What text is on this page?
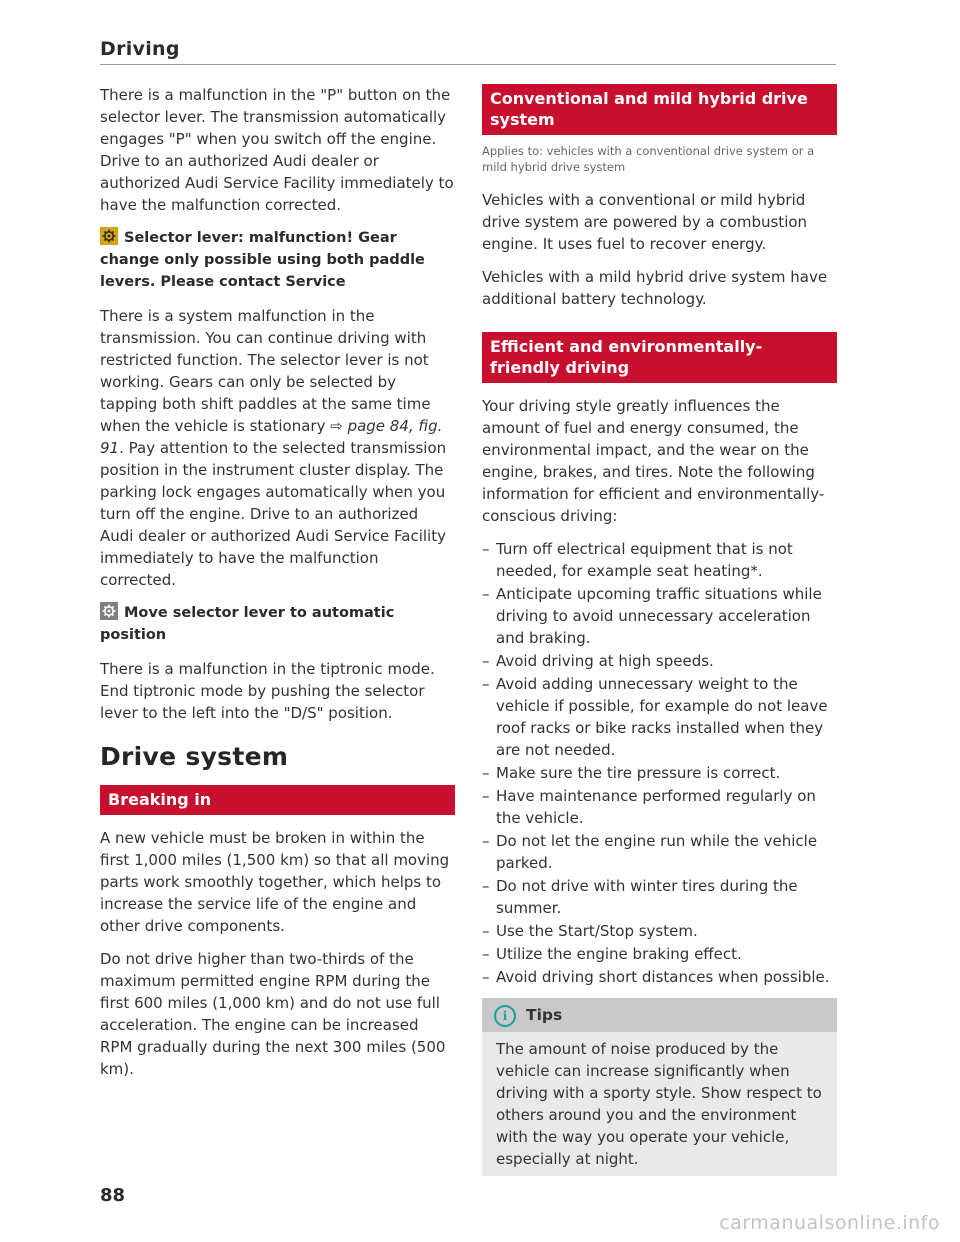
Driving

There is a malfunction in the "P" button on the selector lever. The transmission automatically engages "P" when you switch off the engine. Drive to an authorized Audi dealer or authorized Audi Service Facility immediately to have the malfunction corrected.

Selector lever: malfunction! Gear change only possible using both paddle levers. Please contact Service

There is a system malfunction in the transmission. You can continue driving with restricted function. The selector lever is not working. Gears can only be selected by tapping both shift paddles at the same time when the vehicle is stationary ⇨ page 84, fig. 91. Pay attention to the selected transmission position in the instrument cluster display. The parking lock engages automatically when you turn off the engine. Drive to an authorized Audi dealer or authorized Audi Service Facility immediately to have the malfunction corrected.

Move selector lever to automatic position

There is a malfunction in the tiptronic mode. End tiptronic mode by pushing the selector lever to the left into the "D/S" position.

Drive system
Breaking in

A new vehicle must be broken in within the first 1,000 miles (1,500 km) so that all moving parts work smoothly together, which helps to increase the service life of the engine and other drive components.

Do not drive higher than two-thirds of the maximum permitted engine RPM during the first 600 miles (1,000 km) and do not use full acceleration. The engine can be increased RPM gradually during the next 300 miles (500 km).

Conventional and mild hybrid drive system
Applies to: vehicles with a conventional drive system or a mild hybrid drive system

Vehicles with a conventional or mild hybrid drive system are powered by a combustion engine. It uses fuel to recover energy.

Vehicles with a mild hybrid drive system have additional battery technology.

Efficient and environmentally-friendly driving

Your driving style greatly influences the amount of fuel and energy consumed, the environmental impact, and the wear on the engine, brakes, and tires. Note the following information for efficient and environmentally-conscious driving:

– Turn off electrical equipment that is not needed, for example seat heating*.
– Anticipate upcoming traffic situations while driving to avoid unnecessary acceleration and braking.
– Avoid driving at high speeds.
– Avoid adding unnecessary weight to the vehicle if possible, for example do not leave roof racks or bike racks installed when they are not needed.
– Make sure the tire pressure is correct.
– Have maintenance performed regularly on the vehicle.
– Do not let the engine run while the vehicle parked.
– Do not drive with winter tires during the summer.
– Use the Start/Stop system.
– Utilize the engine braking effect.
– Avoid driving short distances when possible.
i Tips

The amount of noise produced by the vehicle can increase significantly when driving with a sporty style. Show respect to others around you and the environment with the way you operate your vehicle, especially at night.

88
carmanualsonline.info
